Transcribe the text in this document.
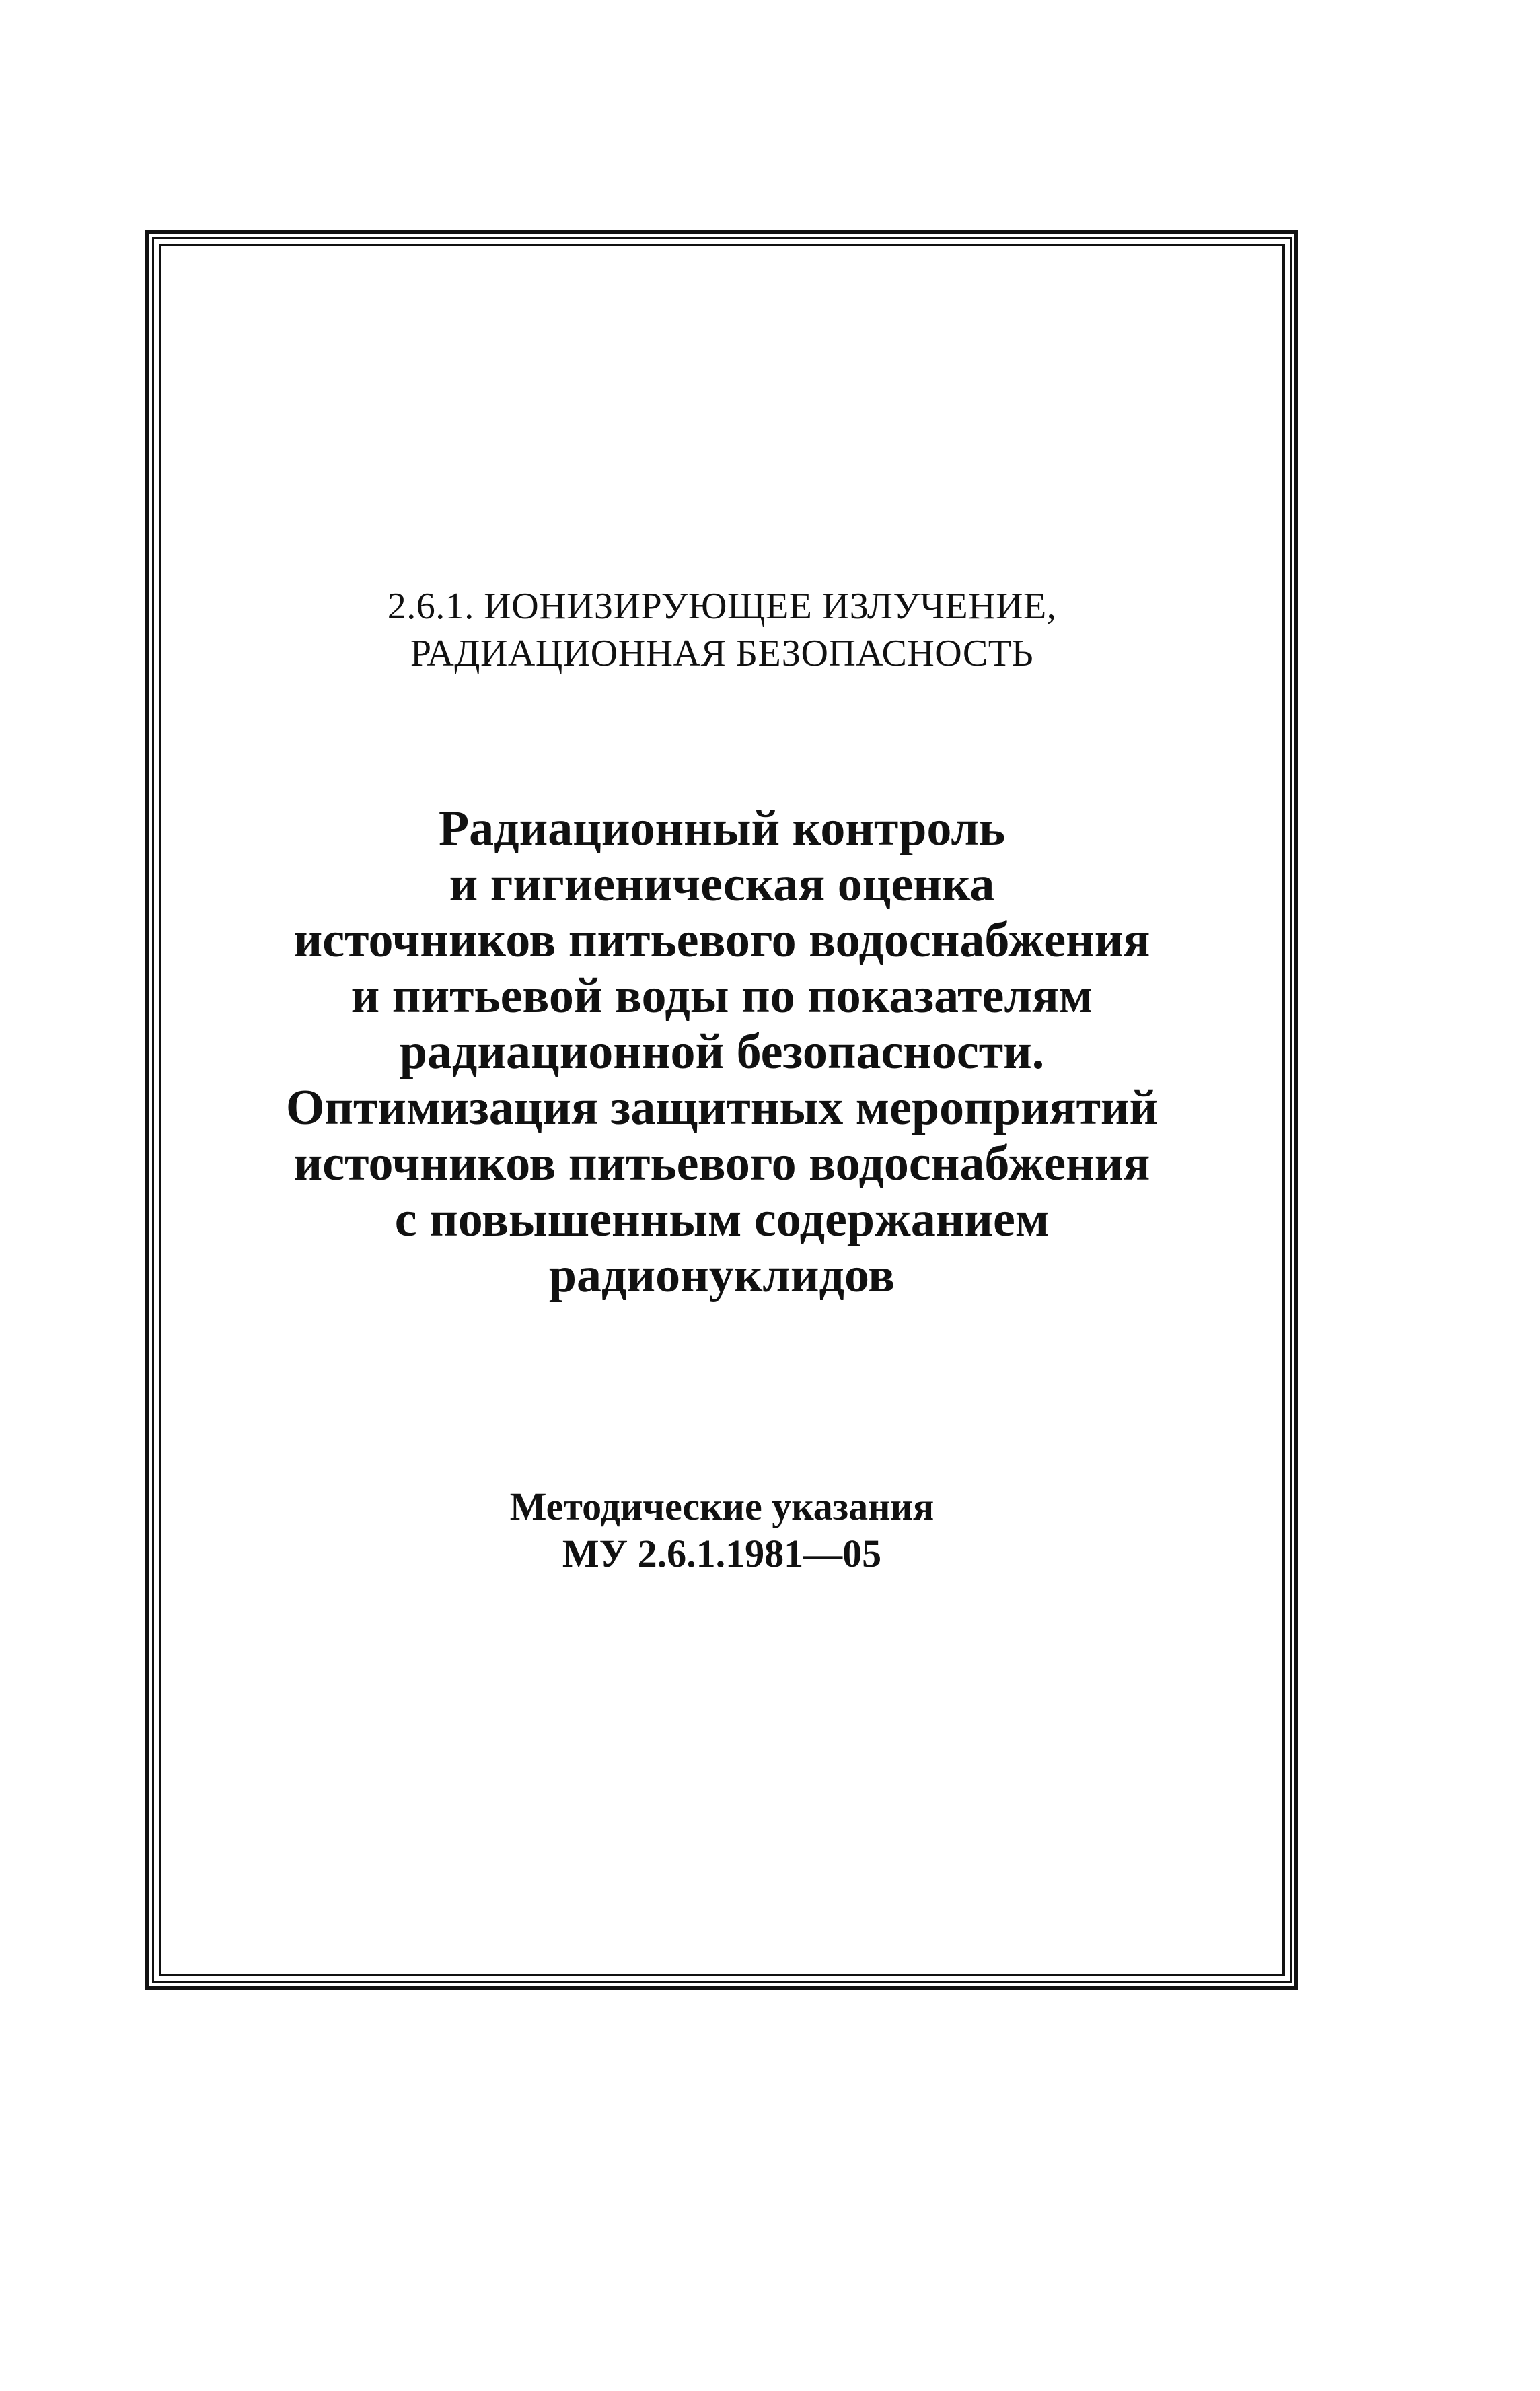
2.6.1. ИОНИЗИРУЮЩЕЕ ИЗЛУЧЕНИЕ,
РАДИАЦИОННАЯ БЕЗОПАСНОСТЬ
Радиационный контроль
и гигиеническая оценка
источников питьевого водоснабжения
и питьевой воды по показателям
радиационной безопасности.
Оптимизация защитных мероприятий
источников питьевого водоснабжения
с повышенным содержанием
радионуклидов
Методические указания
МУ 2.6.1.1981—05
